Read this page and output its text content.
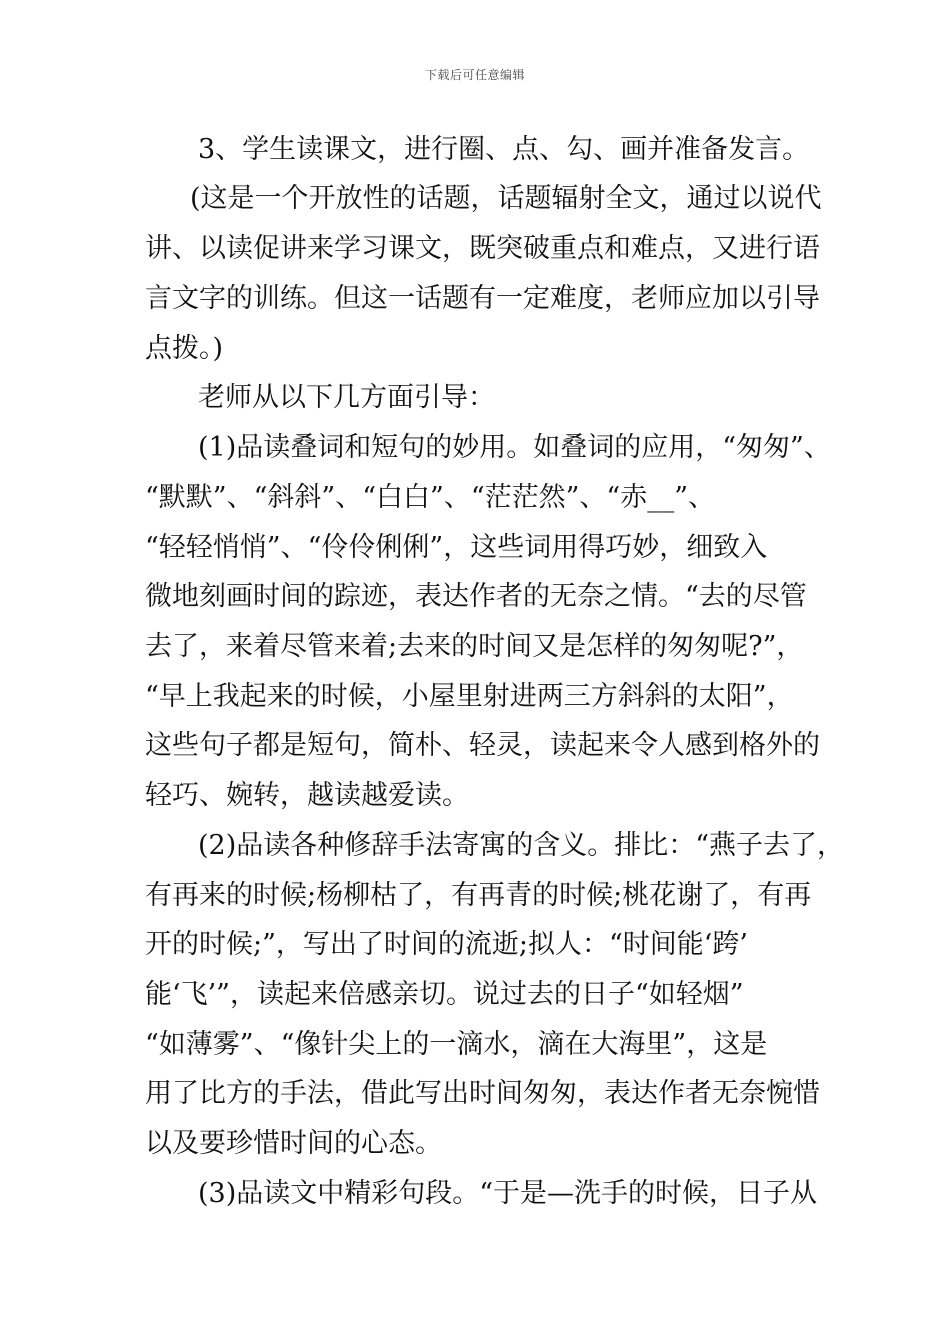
下载后可任意编辑
3、学生读课文，进行圈、点、勾、画并准备发言。
(这是一个开放性的话题，话题辐射全文，通过以说代
讲、以读促讲来学习课文，既突破重点和难点，又进行语
言文字的训练。但这一话题有一定难度，老师应加以引导
点拨。)
老师从以下几方面引导：
(1)品读叠词和短句的妙用。如叠词的应用，“匆匆”、
“默默”、“斜斜”、“白白”、“茫茫然”、“赤__”、
“轻轻悄悄”、“伶伶俐俐”，这些词用得巧妙，细致入
微地刻画时间的踪迹，表达作者的无奈之情。“去的尽管
去了，来着尽管来着;去来的时间又是怎样的匆匆呢?”，
“早上我起来的时候，小屋里射进两三方斜斜的太阳”，
这些句子都是短句，简朴、轻灵，读起来令人感到格外的
轻巧、婉转，越读越爱读。
(2)品读各种修辞手法寄寓的含义。排比：“燕子去了，
有再来的时候;杨柳枯了，有再青的时候;桃花谢了，有再
开的时候;”，写出了时间的流逝;拟人：“时间能‘跨’
能‘飞’”，读起来倍感亲切。说过去的日子“如轻烟”
“如薄雾”、“像针尖上的一滴水，滴在大海里”，这是
用了比方的手法，借此写出时间匆匆，表达作者无奈惋惜
以及要珍惜时间的心态。
(3)品读文中精彩句段。“于是—洗手的时候，日子从
